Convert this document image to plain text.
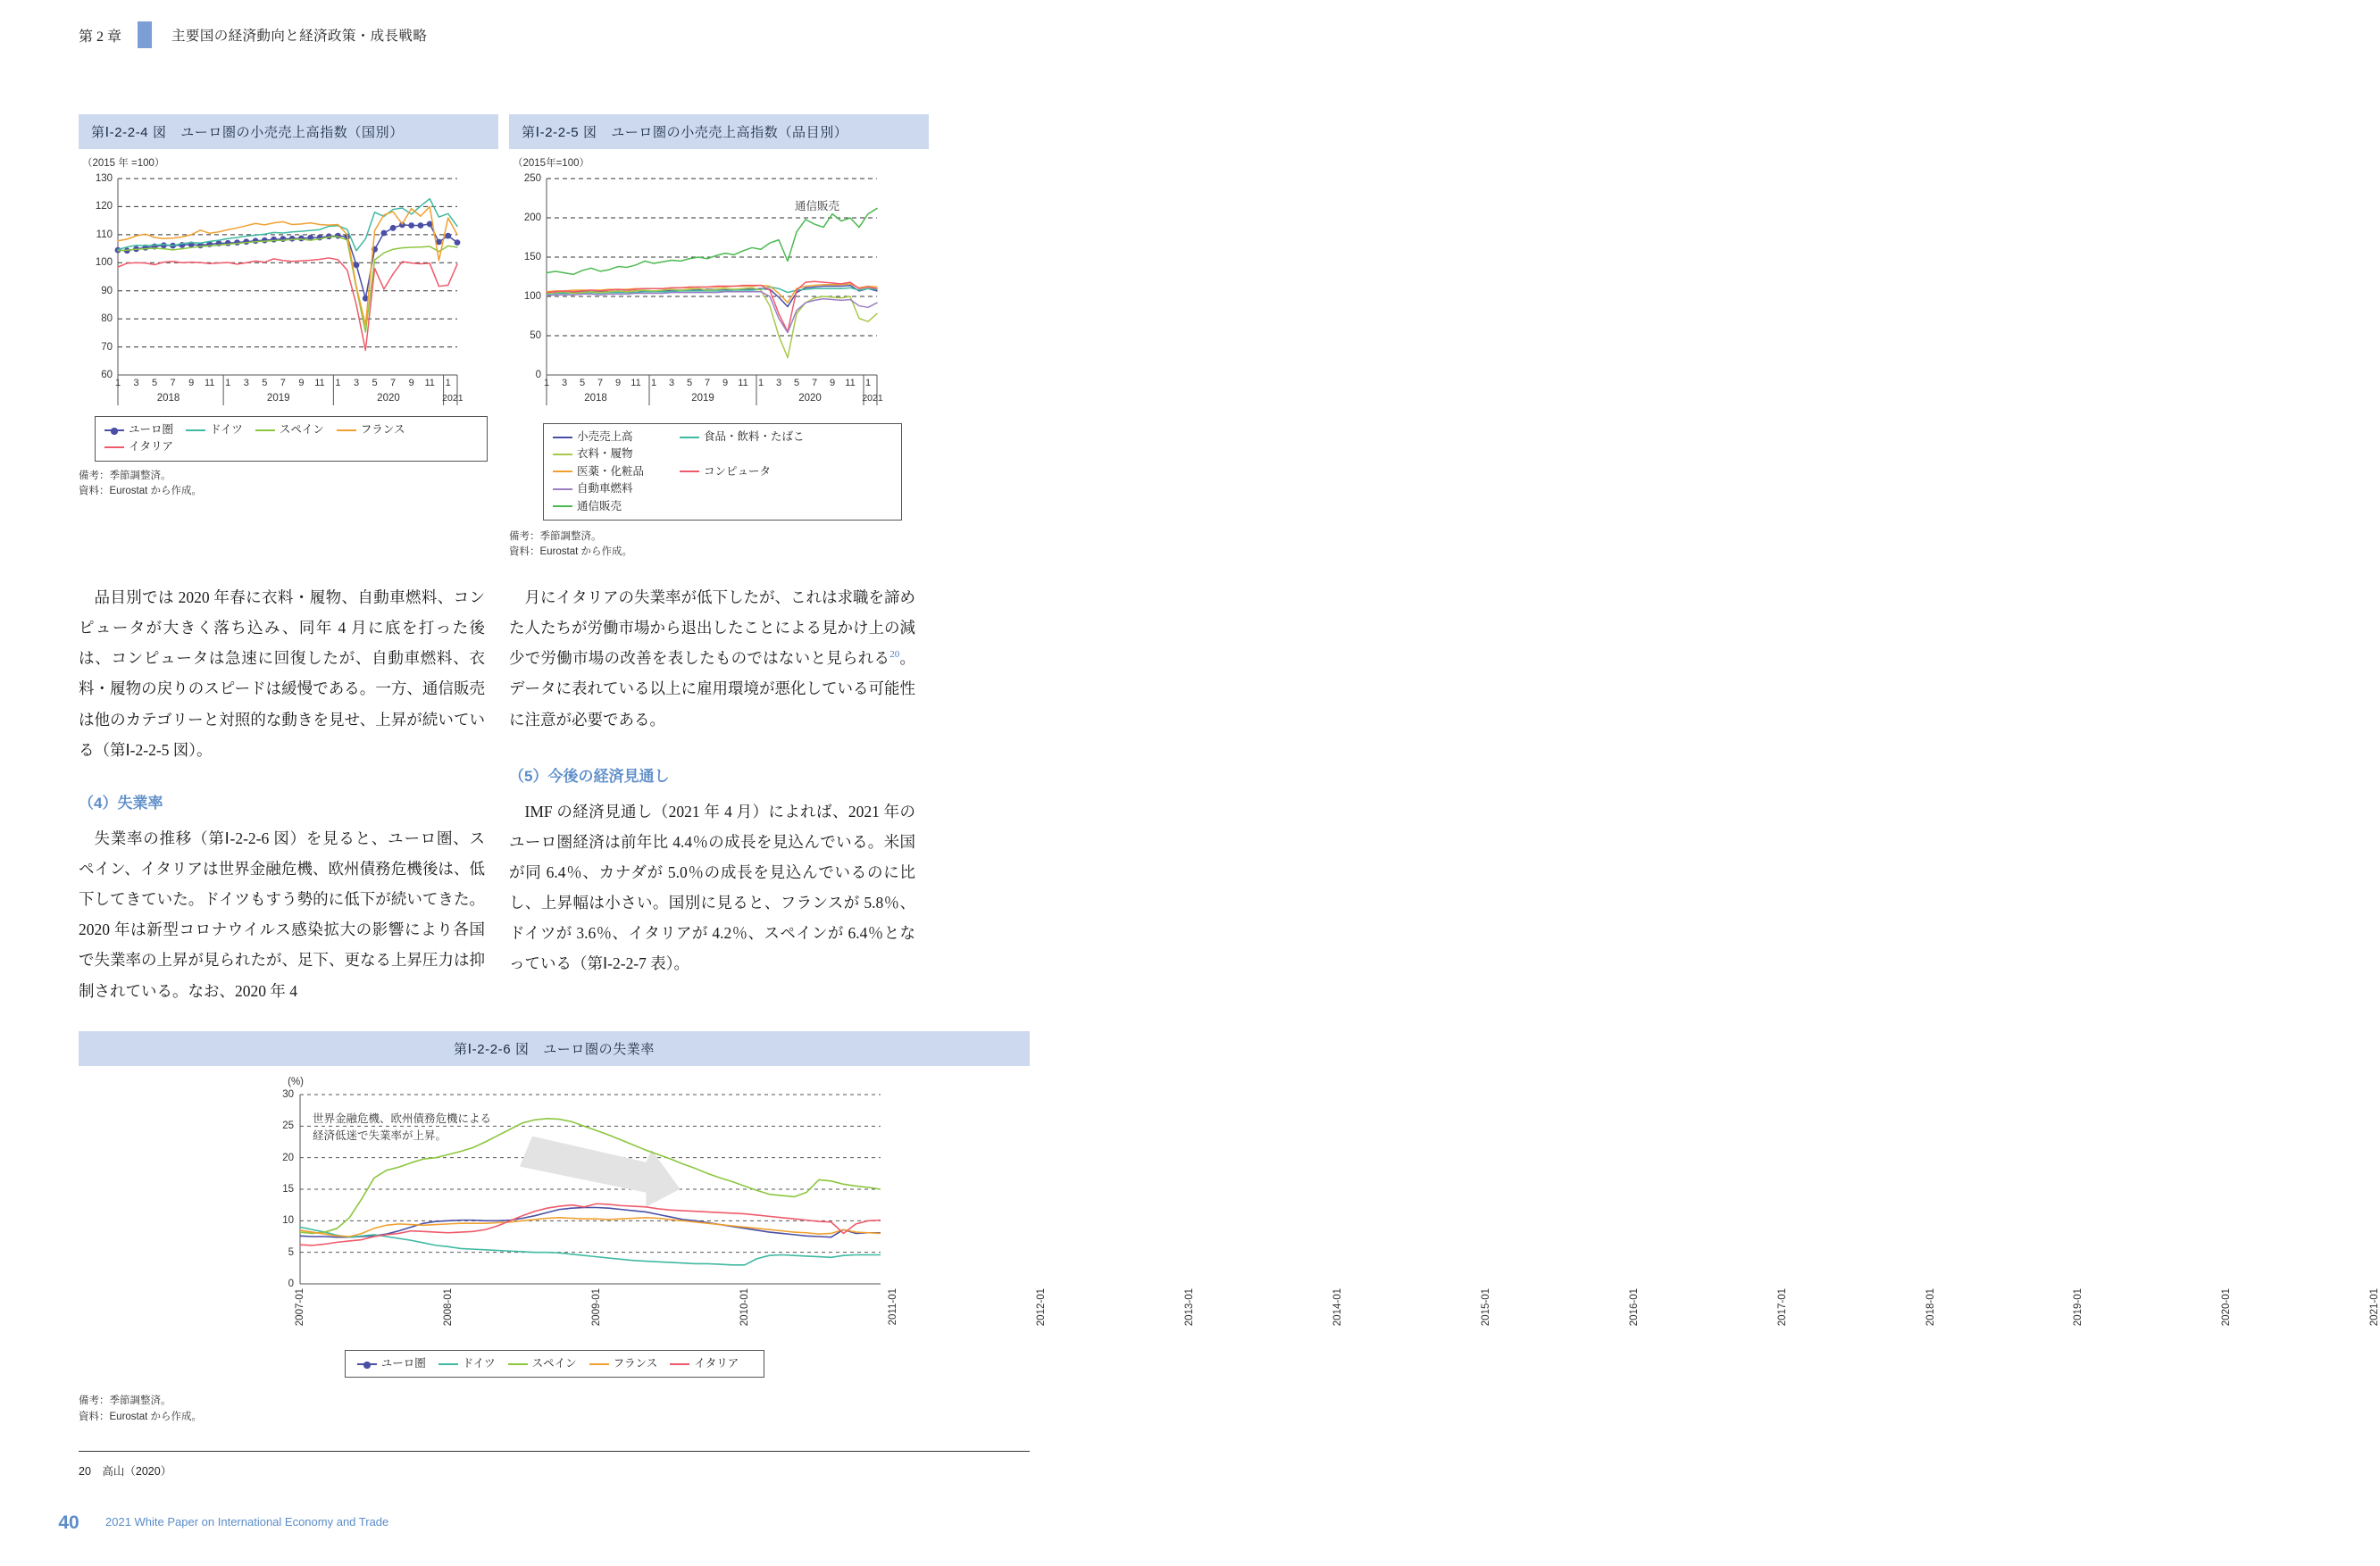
第 2 章	主要国の経済動向と経済政策・成長戦略
第Ⅰ-2-2-4 図　ユーロ圏の小売売上高指数（国別）
（2015 年 =100）
60
70
80
90
100
110
120
130
1 3 5 7 9 11 1 3 5 7 9 11 1 3 5 7 9 11 1
2018	2019	2020	2021
ユーロ圏	ドイツ	スペイン	フランス
イタリア
備考：季節調整済。
資料：Eurostat から作成。
第Ⅰ-2-2-5 図　ユーロ圏の小売売上高指数（品目別）
（2015年=100）
0
50
100
150
200
250
1 3 5 7 9 11 1 3 5 7 9 11 1 3 5 7 9 11 1
2018	2019	2020	2021
通信販売
小売売上高	食品・飲料・たばこ
衣料・履物
医薬・化粧品	コンピュータ
自動車燃料
通信販売
備考：季節調整済。
資料：Eurostat から作成。

品目別では 2020 年春に衣料・履物、自動車燃料、コンピュータが大きく落ち込み、同年 4 月に底を打った後は、コンピュータは急速に回復したが、自動車燃料、衣料・履物の戻りのスピードは緩慢である。一方、通信販売は他のカテゴリーと対照的な動きを見せ、上昇が続いている（第Ⅰ-2-2-5 図）。

（4）失業率

失業率の推移（第Ⅰ-2-2-6 図）を見ると、ユーロ圏、スペイン、イタリアは世界金融危機、欧州債務危機後は、低下してきていた。ドイツもすう勢的に低下が続いてきた。2020 年は新型コロナウイルス感染拡大の影響により各国で失業率の上昇が見られたが、足下、更なる上昇圧力は抑制されている。なお、2020 年 4

月にイタリアの失業率が低下したが、これは求職を諦めた人たちが労働市場から退出したことによる見かけ上の減少で労働市場の改善を表したものではないと見られる$^{20}$。データに表れている以上に雇用環境が悪化している可能性に注意が必要である。

（5）今後の経済見通し

IMF の経済見通し（2021 年 4 月）によれば、2021 年のユーロ圏経済は前年比 4.4％の成長を見込んでいる。米国が同 6.4％、カナダが 5.0％の成長を見込んでいるのに比し、上昇幅は小さい。国別に見ると、フランスが 5.8％、ドイツが 3.6％、イタリアが 4.2％、スペインが 6.4％となっている（第Ⅰ-2-2-7 表）。

第Ⅰ-2-2-6 図　ユーロ圏の失業率
0
5
10
15
20
25
30
(%)
2007-01	2008-01	2009-01	2010-01	2011-01	2012-01	2013-01	2014-01	2015-01	2016-01	2017-01	2018-01	2019-01	2020-01	2021-01
世界金融危機、欧州債務危機による
経済低迷で失業率が上昇。
ユーロ圏	ドイツ	スペイン	フランス	イタリア
備考：季節調整済。
資料：Eurostat から作成。
20　高山（2020）
40	2021 White Paper on International Economy and Trade
